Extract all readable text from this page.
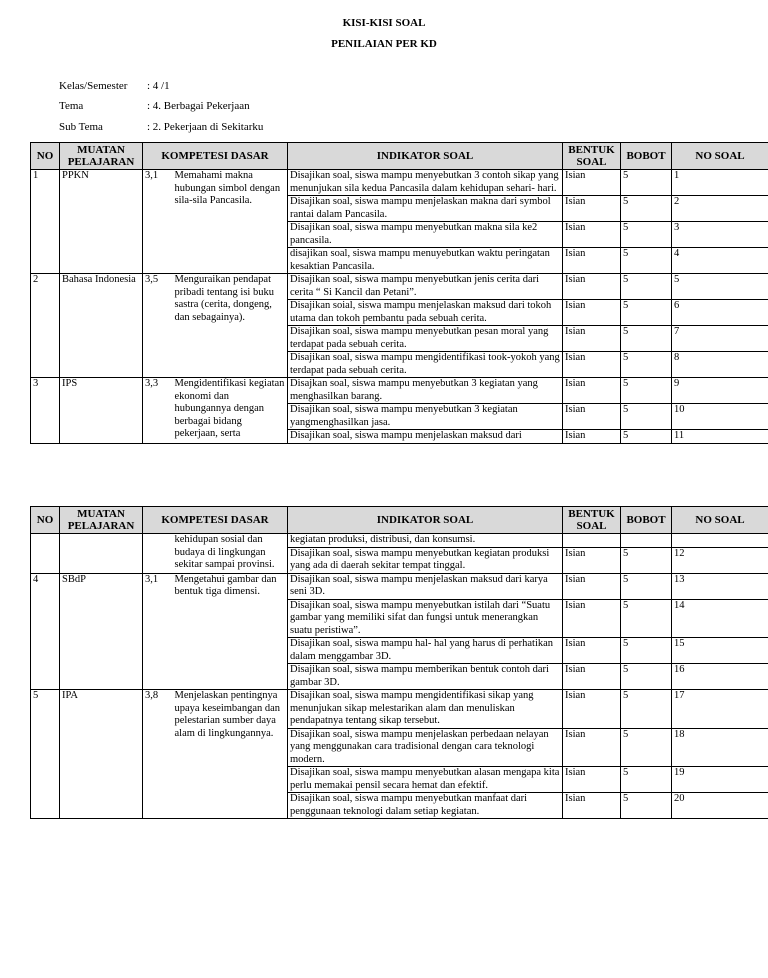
KISI-KISI SOAL
PENILAIAN PER KD
Kelas/Semester : 4 /1
Tema	: 4. Berbagai Pekerjaan
Sub Tema	: 2. Pekerjaan di Sekitarku
NO	MUATAN PELAJARAN	KOMPETESI DASAR		INDIKATOR SOAL	BENTUK SOAL	BOBOT	NO SOAL
1	PPKN	3,1	Memahami makna hubungan simbol dengan sila-sila Pancasila.	Disajikan soal, siswa mampu menyebutkan 3 contoh sikap yang menunjukan sila kedua Pancasila dalam kehidupan sehari- hari.	Isian	5	1
				Disajikan soal, siswa mampu menjelaskan makna dari symbol rantai dalam Pancasila.	Isian	5	2
				Disajikan soal, siswa mampu menyebutkan makna sila ke2 pancasila.	Isian	5	3
				disajikan soal, siswa mampu menuyebutkan waktu peringatan kesaktian Pancasila.	Isian	5	4
2	Bahasa Indonesia	3,5	Menguraikan pendapat pribadi tentang isi buku sastra (cerita, dongeng, dan sebagainya).	Disajikan soal, siswa mampu menyebutkan jenis cerita dari cerita “ Si Kancil dan Petani”.	Isian	5	5
				Disajikan soial, siswa mampu menjelaskan maksud dari tokoh utama dan tokoh pembantu pada sebuah cerita.	Isian	5	6
				Disajikan soal, siswa mampu menyebutkan pesan moral yang terdapat pada sebuah cerita.	Isian	5	7
				Disajikan soal, siswa mampu mengidentifikasi took-yokoh yang terdapat pada sebuah cerita.	Isian	5	8
3	IPS	3,3	Mengidentifikasi kegiatan ekonomi dan hubungannya dengan berbagai bidang pekerjaan, serta	Disajkan soal, siswa mampu menyebutkan 3 kegiatan yang menghasilkan barang.	Isian	5	9
				Disajikan soal, siswa mampu menyebutkan 3 kegiatan yangmenghasilkan jasa.	Isian	5	10
				Disajikan soal, siswa mampu menjelaskan maksud dari	Isian	5	11
NO	MUATAN PELAJARAN	KOMPETESI DASAR		INDIKATOR SOAL	BENTUK SOAL	BOBOT	NO SOAL
			kehidupan sosial dan budaya di lingkungan sekitar sampai provinsi.	kegiatan produksi, distribusi, dan konsumsi.			
				Disajikan soal, siswa mampu menyebutkan kegiatan produksi yang ada di daerah sekitar tempat tinggal.	Isian	5	12
4	SBdP	3,1	Mengetahui gambar dan bentuk tiga dimensi.	Disajikan soal, siswa mampu menjelaskan maksud dari karya seni 3D.	Isian	5	13
				Disajikan soal, siswa mampu menyebutkan istilah dari “Suatu gambar yang memiliki sifat dan fungsi untuk menerangkan suatu peristiwa”.	Isian	5	14
				Disajikan soal, siswa mampu hal- hal yang harus di perhatikan dalam menggambar 3D.	Isian	5	15
				Disajikan soal, siswa mampu memberikan bentuk contoh dari gambar 3D.	Isian	5	16
5	IPA	3,8	Menjelaskan pentingnya upaya keseimbangan dan pelestarian sumber daya alam di lingkungannya.	Disajikan soal, siswa mampu mengidentifikasi sikap yang menunjukan sikap melestarikan alam dan menuliskan pendapatnya tentang sikap tersebut.	Isian	5	17
				Disajikan soal, siswa mampu menjelaskan perbedaan nelayan yang menggunakan cara tradisional dengan cara teknologi modern.	Isian	5	18
				Disajikan soal, siswa mampu menyebutkan alasan mengapa kita perlu memakai pensil secara hemat dan efektif.	Isian	5	19
				Disajikan soal, siswa mampu menyebutkan manfaat dari penggunaan teknologi dalam setiap kegiatan.	Isian	5	20
